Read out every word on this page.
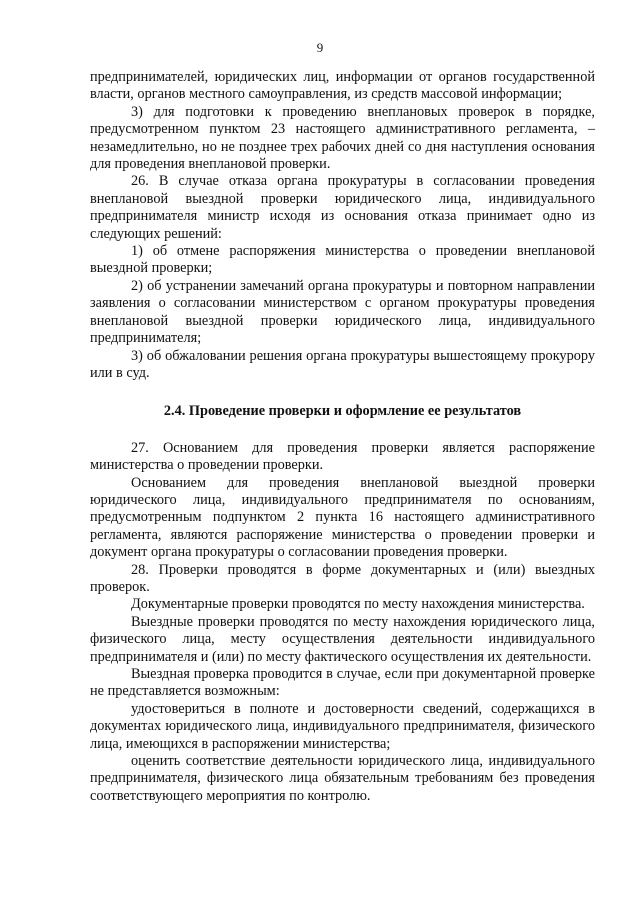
9

предпринимателей, юридических лиц, информации от органов государственной власти, органов местного самоуправления, из средств массовой информации;

3) для подготовки к проведению внеплановых проверок в порядке, предусмотренном пунктом 23 настоящего административного регламента, – незамедлительно, но не позднее трех рабочих дней со дня наступления основания для проведения внеплановой проверки.

26. В случае отказа органа прокуратуры в согласовании проведения внеплановой выездной проверки юридического лица, индивидуального предпринимателя министр исходя из основания отказа принимает одно из следующих решений:

1) об отмене распоряжения министерства о проведении внеплановой выездной проверки;

2) об устранении замечаний органа прокуратуры и повторном направлении заявления о согласовании министерством с органом прокуратуры проведения внеплановой выездной проверки юридического лица, индивидуального предпринимателя;

3) об обжаловании решения органа прокуратуры вышестоящему прокурору или в суд.

2.4. Проведение проверки и оформление ее результатов

27. Основанием для проведения проверки является распоряжение министерства о проведении проверки.

Основанием для проведения внеплановой выездной проверки юридического лица, индивидуального предпринимателя по основаниям, предусмотренным подпунктом 2 пункта 16 настоящего административного регламента, являются распоряжение министерства о проведении проверки и документ органа прокуратуры о согласовании проведения проверки.

28. Проверки проводятся в форме документарных и (или) выездных проверок.

Документарные проверки проводятся по месту нахождения министерства.

Выездные проверки проводятся по месту нахождения юридического лица, физического лица, месту осуществления деятельности индивидуального предпринимателя и (или) по месту фактического осуществления их деятельности.

Выездная проверка проводится в случае, если при документарной проверке не представляется возможным:

удостовериться в полноте и достоверности сведений, содержащихся в документах юридического лица, индивидуального предпринимателя, физического лица, имеющихся в распоряжении министерства;

оценить соответствие деятельности юридического лица, индивидуального предпринимателя, физического лица обязательным требованиям без проведения соответствующего мероприятия по контролю.
